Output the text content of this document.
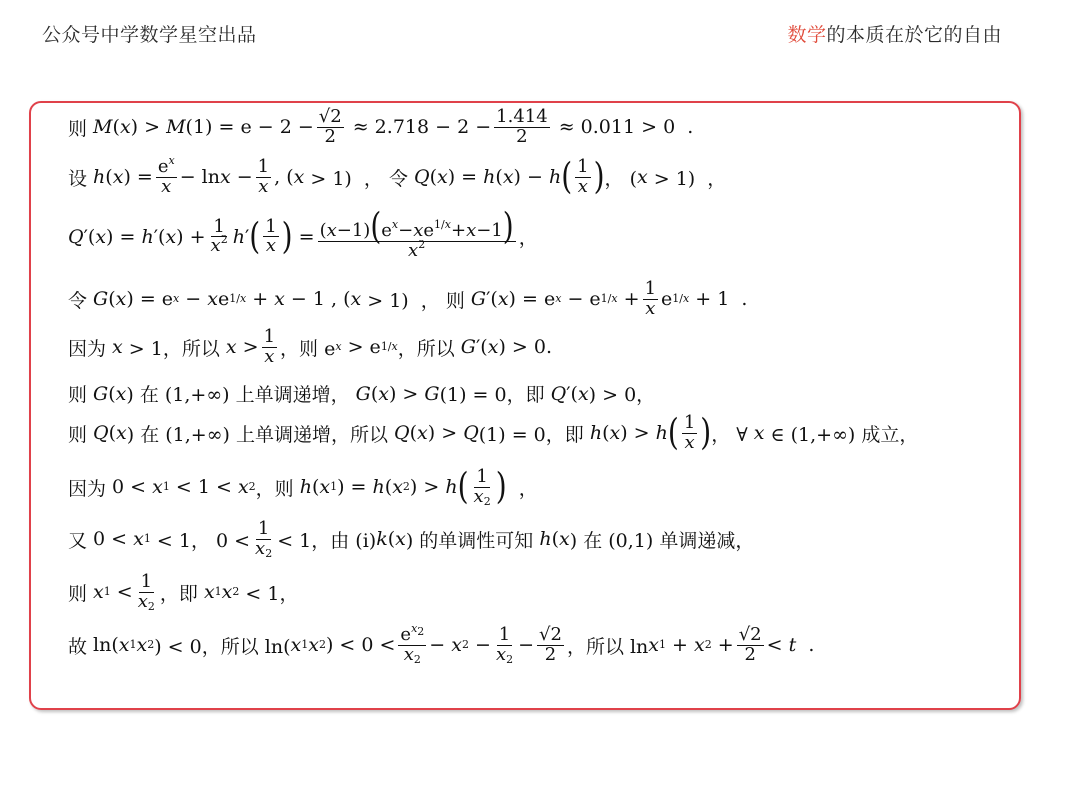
公众号中学数学星空出品	数学的本质在於它的自由
则 M ( x ) > M $(1) = e - 2 - \frac{√2}{2} \approx 2.718 - 2 - \frac{1.414}{2} \approx 0.011 > 0$  .
设 h ( x ) = $\frac{e^x}{x} - \ln x - \frac{1}{x}$ , ( x > 1)  ， 令 Q ( x ) = h ( x ) − h ( $\frac{1}{x}$ ) ， ( x > 1)  ，
Q ′( x ) = h ′( x ) + $\frac{1}{x^2}$ h ′ ( $\frac{1}{x}$ ) = $\frac{(x-1)(e^x-xe^{1/x}+x-1)}{x^2}$ ，
令 G ( x ) = e x − x e 1/x + x − 1 , ( x > 1)  ， 则 G ′( x ) = e x − e $1/x + \frac{1}{x}$ e 1/x + 1  .
因为 x > 1，所以 $x > \frac{1}{x}$ ，则 e x > e 1/x ，所以 G ′( x ) > 0.
则 G ( x ) 在 (1,+∞) 上单调递增， G ( x ) > G (1) = 0，即 Q ′( x ) > 0，
则 Q ( x ) 在 (1,+∞) 上单调递增，所以 Q ( x ) > Q (1) = 0，即 h ( x ) > h ( $\frac{1}{x}$ ) ， ∀ x ∈ (1,+∞) 成立，
因为 0 < x 1 < 1 < x 2 ，则 h ( x 1 ) = h ( x 2 ) > h ( $\frac{1}{x_2}$ ) ，
又 0 < x 1 < 1， $0 < \frac{1}{x_2} < 1$，由 (i) k ( x ) 的单调性可知 h ( x ) 在 (0,1) 单调递减，
则 x $1 < \frac{1}{x_2}$ ，即 x 1 x 2 < 1，
故 ln( x 1 x 2 ) < 0，所以 ln( x 1 x 2 ) < $0 < \frac{e^{x_2}}{x_2} - x$ $2 - \frac{1}{x_2} - \frac{√2}{2}$ ，所以 ln x 1 + x $2 + \frac{√2}{2} < t$ .
